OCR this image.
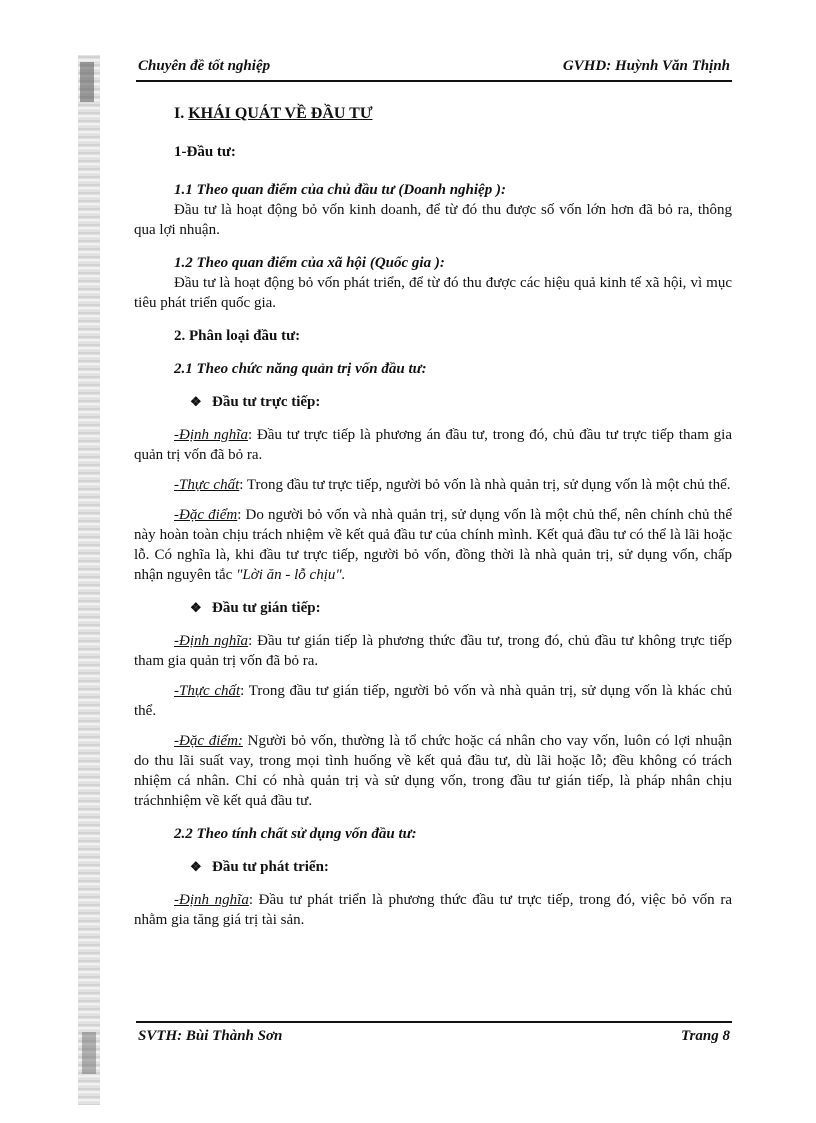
Chuyên đề tốt nghiệp	GVHD: Huỳnh Văn Thịnh

I. KHÁI QUÁT VỀ ĐẦU TƯ

1-Đầu tư:

1.1 Theo quan điểm của chủ đầu tư (Doanh nghiệp ):

Đầu tư là hoạt động bỏ vốn kinh doanh, để từ đó thu được số vốn lớn hơn đã bỏ ra, thông qua lợi nhuận.

1.2 Theo quan điểm của xã hội (Quốc gia ):

Đầu tư là hoạt động bỏ vốn phát triển, để từ đó thu được các hiệu quả kinh tế xã hội, vì mục tiêu phát triển quốc gia.

2. Phân loại đầu tư:

2.1 Theo chức năng quản trị vốn đầu tư:

❖ Đầu tư trực tiếp:

-Định nghĩa: Đầu tư trực tiếp là phương án đầu tư, trong đó, chủ đầu tư trực tiếp tham gia quản trị vốn đã bỏ ra.

-Thực chất: Trong đầu tư trực tiếp, người bỏ vốn là nhà quản trị, sử dụng vốn là một chủ thể.

-Đặc điểm: Do người bỏ vốn và nhà quản trị, sử dụng vốn là một chủ thể, nên chính chủ thể này hoàn toàn chịu trách nhiệm về kết quả đầu tư của chính mình. Kết quả đầu tư có thể là lãi hoặc lỗ. Có nghĩa là, khi đầu tư trực tiếp, người bỏ vốn, đồng thời là nhà quản trị, sử dụng vốn, chấp nhận nguyên tắc "Lời ăn - lỗ chịu".

❖ Đầu tư gián tiếp:

-Định nghĩa: Đầu tư gián tiếp là phương thức đầu tư, trong đó, chủ đầu tư không trực tiếp tham gia quản trị vốn đã bỏ ra.

-Thực chất: Trong đầu tư gián tiếp, người bỏ vốn và nhà quản trị, sử dụng vốn là khác chủ thể.

-Đặc điểm: Người bỏ vốn, thường là tổ chức hoặc cá nhân cho vay vốn, luôn có lợi nhuận do thu lãi suất vay, trong mọi tình huống về kết quả đầu tư, dù lãi hoặc lỗ; đều không có trách nhiệm cá nhân. Chỉ có nhà quản trị và sử dụng vốn, trong đầu tư gián tiếp, là pháp nhân chịu tráchnhiệm về kết quả đầu tư.

2.2 Theo tính chất sử dụng vốn đầu tư:

❖ Đầu tư phát triển:

-Định nghĩa: Đầu tư phát triển là phương thức đầu tư trực tiếp, trong đó, việc bỏ vốn ra nhằm gia tăng giá trị tài sản.

SVTH: Bùi Thành Sơn	Trang 8
